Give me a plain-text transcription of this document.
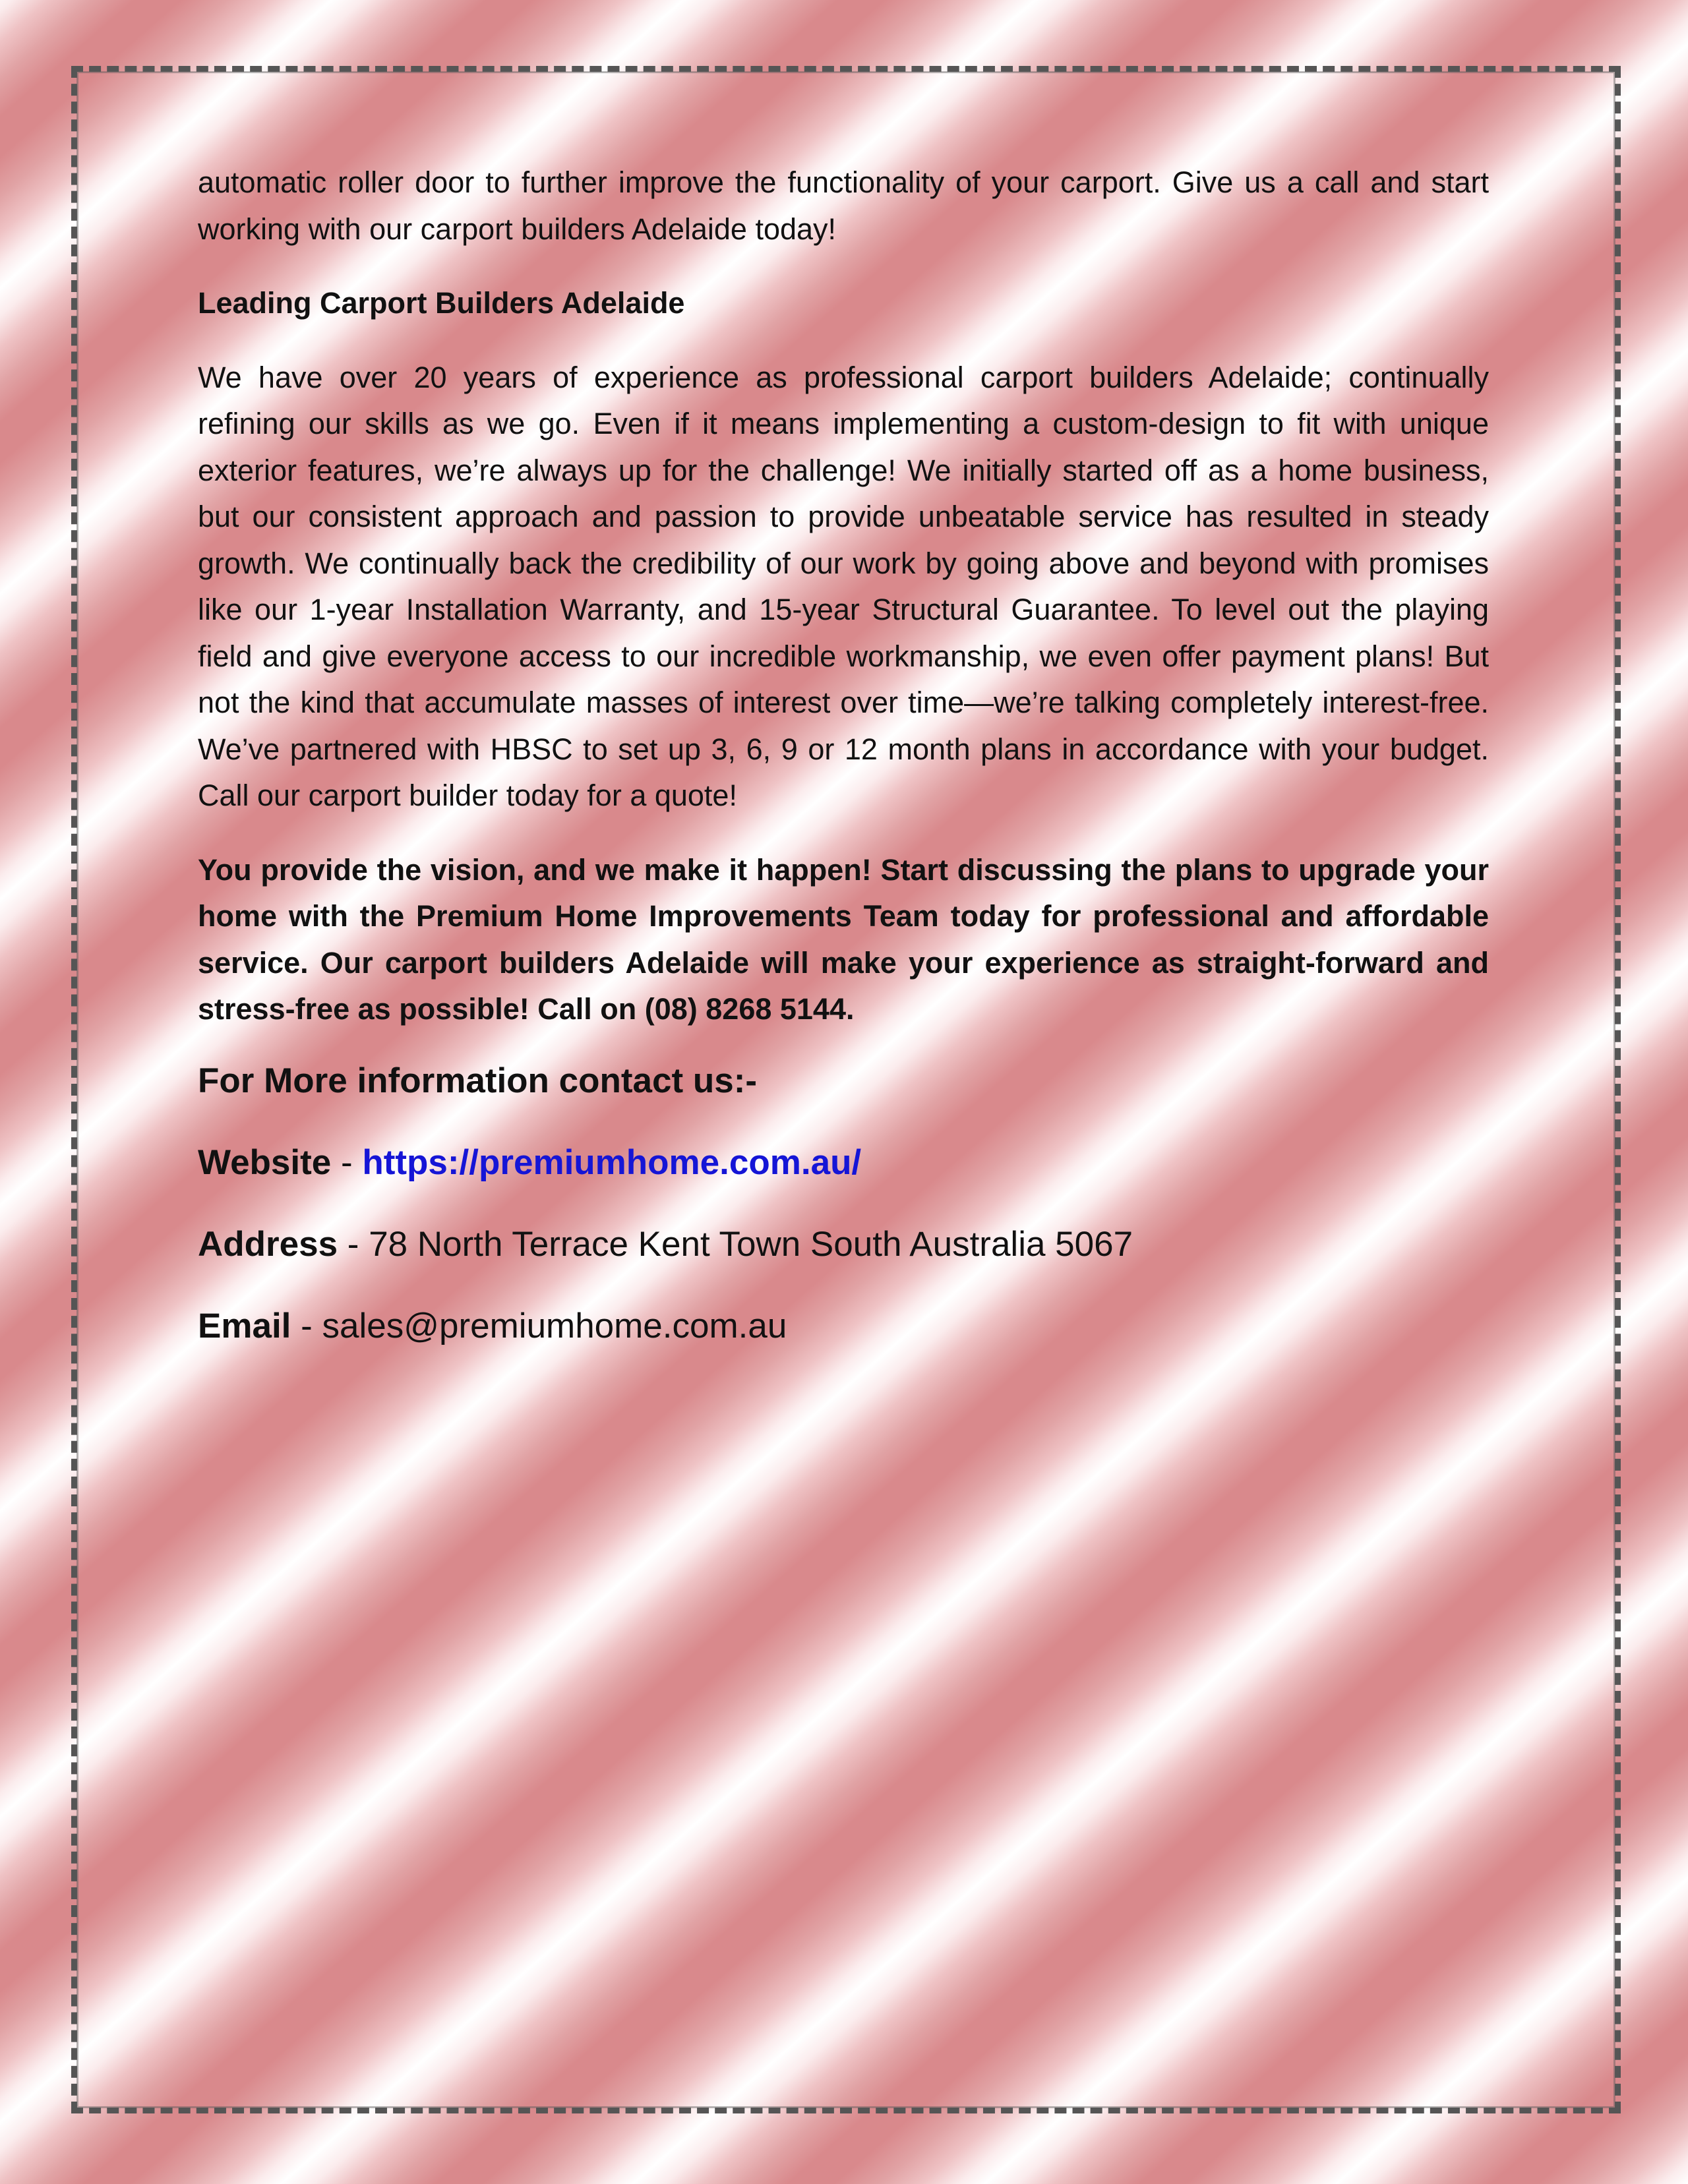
automatic roller door to further improve the functionality of your carport. Give us a call and start working with our carport builders Adelaide today!

Leading Carport Builders Adelaide

We have over 20 years of experience as professional carport builders Adelaide; continually refining our skills as we go. Even if it means implementing a custom-design to fit with unique exterior features, we’re always up for the challenge! We initially started off as a home business, but our consistent approach and passion to provide unbeatable service has resulted in steady growth. We continually back the credibility of our work by going above and beyond with promises like our 1-year Installation Warranty, and 15-year Structural Guarantee. To level out the playing field and give everyone access to our incredible workmanship, we even offer payment plans! But not the kind that accumulate masses of interest over time—we’re talking completely interest-free. We’ve partnered with HBSC to set up 3, 6, 9 or 12 month plans in accordance with your budget. Call our carport builder today for a quote!

You provide the vision, and we make it happen! Start discussing the plans to upgrade your home with the Premium Home Improvements Team today for professional and affordable service. Our carport builders Adelaide will make your experience as straight-forward and stress-free as possible! Call on (08) 8268 5144.

For More information contact us:-

Website - https://premiumhome.com.au/

Address - 78 North Terrace Kent Town South Australia 5067

Email - sales@premiumhome.com.au
